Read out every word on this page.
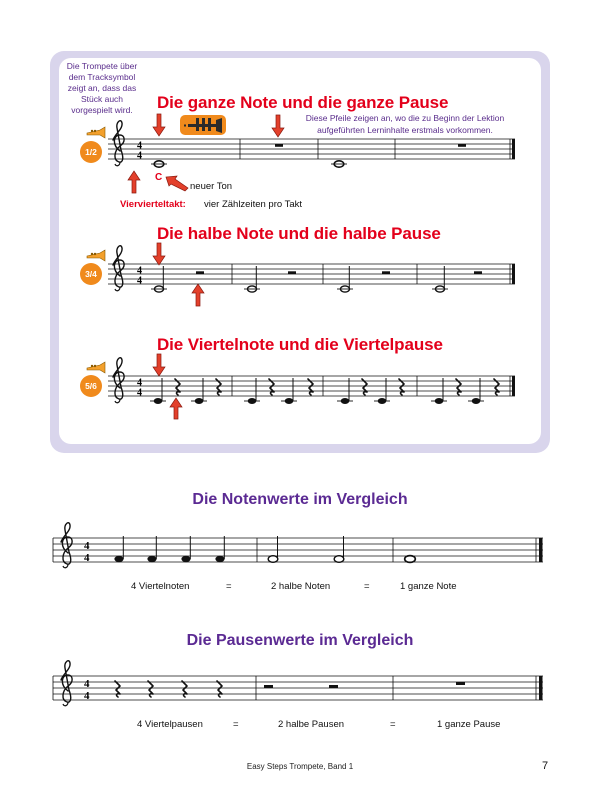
Die Trompete über dem Tracksymbol zeigt an, dass das Stück auch vorgespielt wird.
Diese Pfeile zeigen an, wo die zu Beginn der Lektion aufgeführten Lerninhalte erstmals vorkommen.
Die ganze Note und die ganze Pause
Die halbe Note und die halbe Pause
Die Viertelnote und die Viertelpause
1/2
3/4
5/6
C
neuer Ton
Viervierteltakt: vier Zählzeiten pro Takt
Die Notenwerte im Vergleich
Die Pausenwerte im Vergleich
4 Viertelnoten	=	2 halbe Noten	=	1 ganze Note
4 Viertelpausen	=	2 halbe Pausen	=	1 ganze Pause
Easy Steps Trompete, Band 1	7
4
4
4
4
4
4
4
4
4
4
